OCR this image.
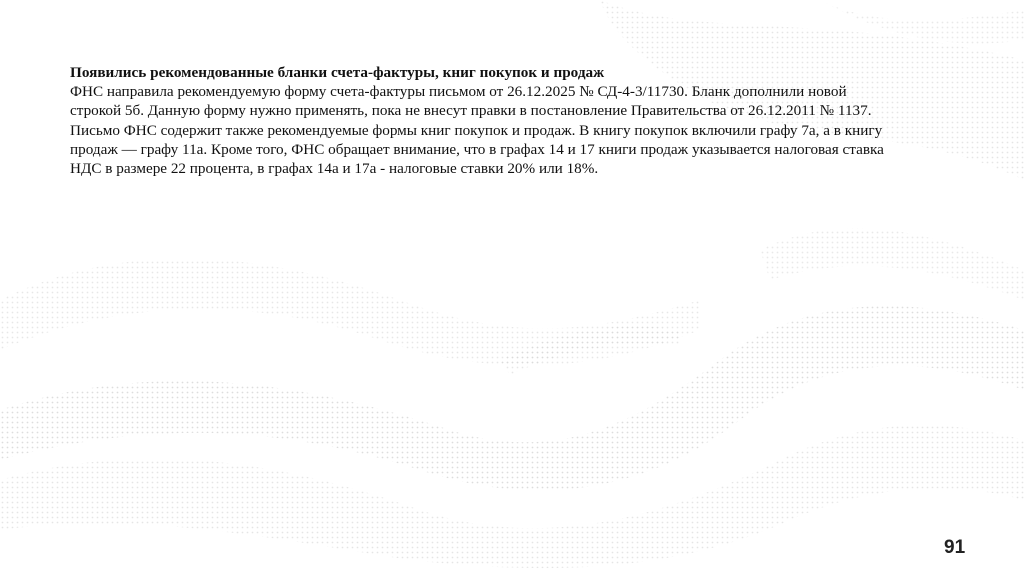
Появились рекомендованные бланки счета-фактуры, книг покупок и продаж

ФНС направила рекомендуемую форму счета-фактуры письмом от 26.12.2025 № СД-4-3/11730. Бланк дополнили новой строкой 5б. Данную форму нужно применять, пока не внесут правки в постановление Правительства от 26.12.2011 № 1137.

Письмо ФНС содержит также рекомендуемые формы книг покупок и продаж. В книгу покупок включили графу 7а, а в книгу продаж — графу 11а. Кроме того, ФНС обращает внимание, что в графах 14 и 17 книги продаж указывается налоговая ставка НДС в размере 22 процента, в графах 14а и 17а - налоговые ставки 20% или 18%.

91
